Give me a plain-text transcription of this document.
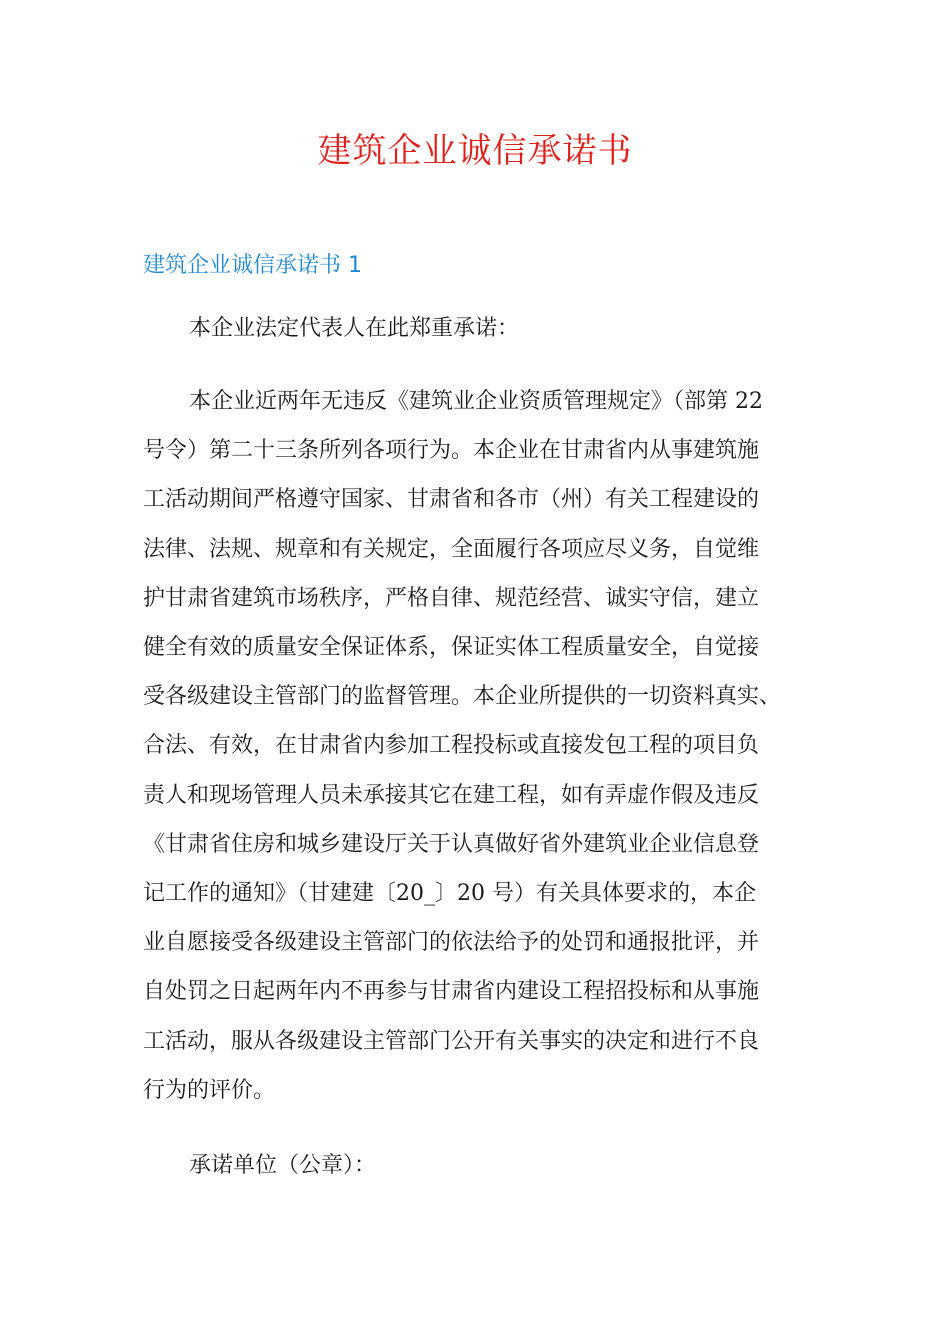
建筑企业诚信承诺书
建筑企业诚信承诺书 1

本企业法定代表人在此郑重承诺：

本企业近两年无违反《建筑业企业资质管理规定》（部第 22
号令）第二十三条所列各项行为。本企业在甘肃省内从事建筑施
工活动期间严格遵守国家、甘肃省和各市（州）有关工程建设的
法律、法规、规章和有关规定，全面履行各项应尽义务，自觉维
护甘肃省建筑市场秩序，严格自律、规范经营、诚实守信，建立
健全有效的质量安全保证体系，保证实体工程质量安全，自觉接
受各级建设主管部门的监督管理。本企业所提供的一切资料真实、
合法、有效，在甘肃省内参加工程投标或直接发包工程的项目负
责人和现场管理人员未承接其它在建工程，如有弄虚作假及违反
《甘肃省住房和城乡建设厅关于认真做好省外建筑业企业信息登
记工作的通知》（甘建建〔20_〕20 号）有关具体要求的，本企
业自愿接受各级建设主管部门的依法给予的处罚和通报批评，并
自处罚之日起两年内不再参与甘肃省内建设工程招投标和从事施
工活动，服从各级建设主管部门公开有关事实的决定和进行不良
行为的评价。

承诺单位（公章）：
